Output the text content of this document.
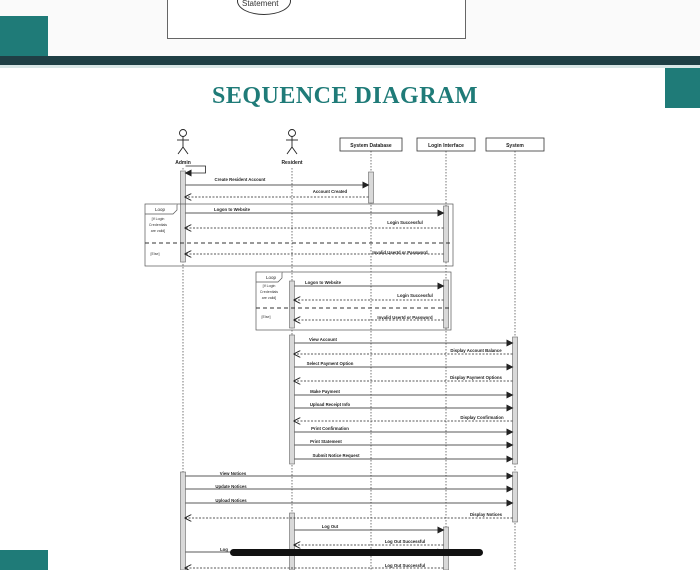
Statement
SEQUENCE DIAGRAM
Admin	Resident
System Database	Login Interface	System
Loop
[If Login
Credentials
are valid]
[Else]
Loop
[If Login
Credentials
are valid]
[Else]
Create Resident Account
Account Created
Logon to Website
Login Successful
Invalid UserId or Password
Logon to Website
Login Successful
Invalid UserId or Password
View Account
Display Account Balance
Select Payment Option
Display Payment Options
Make Payment
Upload Receipt Info
Display Confirmation
Print Confirmation
Print Statement
Submit Notice Request
View Notices
Update Notices
Upload Notices
Display Notices
Log Out
Log Out Successful
Log
Log Out Successful
